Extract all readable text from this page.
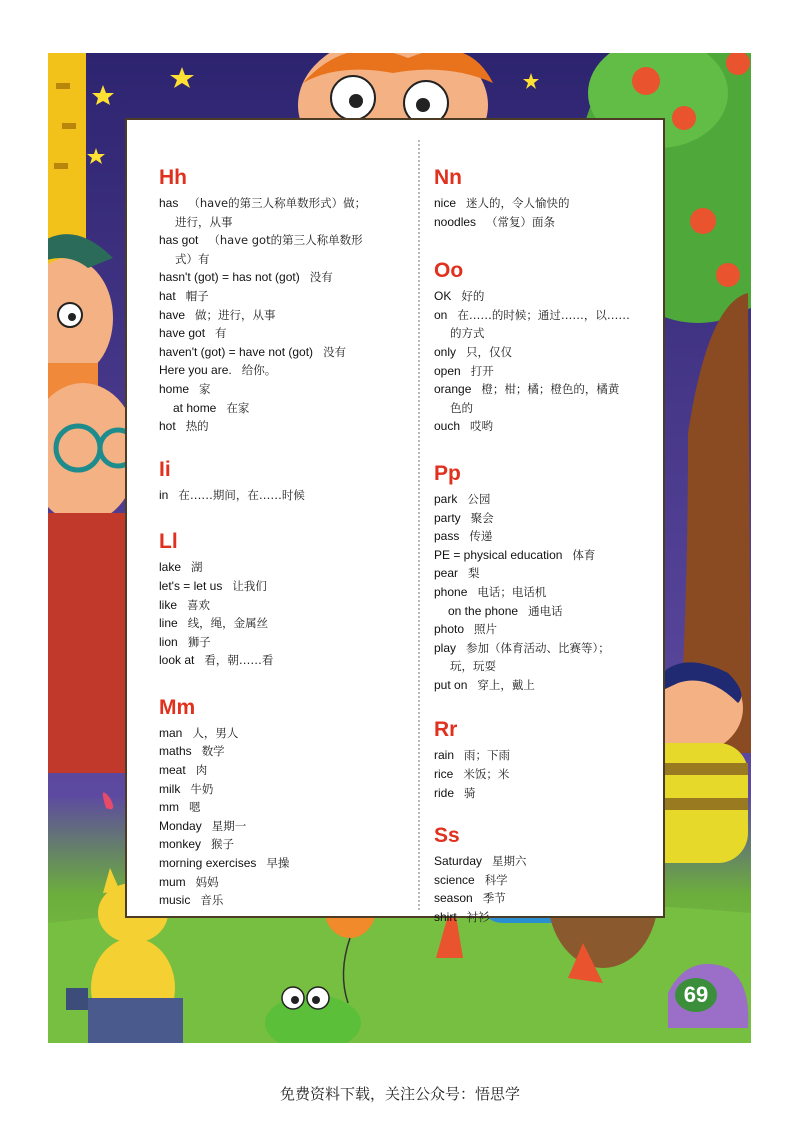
Hh
has （have的第三人称单数形式）做；
进行，从事
has got （have got的第三人称单数形
式）有
hasn't (got) = has not (got) 没有
hat 帽子
have 做；进行，从事
have got 有
haven't (got) = have not (got) 没有
Here you are. 给你。
home 家
at home 在家
hot 热的
Ii
in 在……期间，在……时候
Ll
lake 湖
let's = let us 让我们
like 喜欢
line 线，绳，金属丝
lion 狮子
look at 看，朝……看
Mm
man 人，男人
maths 数学
meat 肉
milk 牛奶
mm 嗯
Monday 星期一
monkey 猴子
morning exercises 早操
mum 妈妈
music 音乐
Nn
nice 迷人的，令人愉快的
noodles （常复）面条
Oo
OK 好的
on 在……的时候；通过……，以……
的方式
only 只，仅仅
open 打开
orange 橙；柑；橘；橙色的，橘黄
色的
ouch 哎哟
Pp
park 公园
party 聚会
pass 传递
PE = physical education 体育
pear 梨
phone 电话；电话机
on the phone 通电话
photo 照片
play 参加（体育活动、比赛等）；
玩，玩耍
put on 穿上，戴上
Rr
rain 雨；下雨
rice 米饭；米
ride 骑
Ss
Saturday 星期六
science 科学
season 季节
shirt 衬衫
69
免费资料下载，关注公众号：悟思学
